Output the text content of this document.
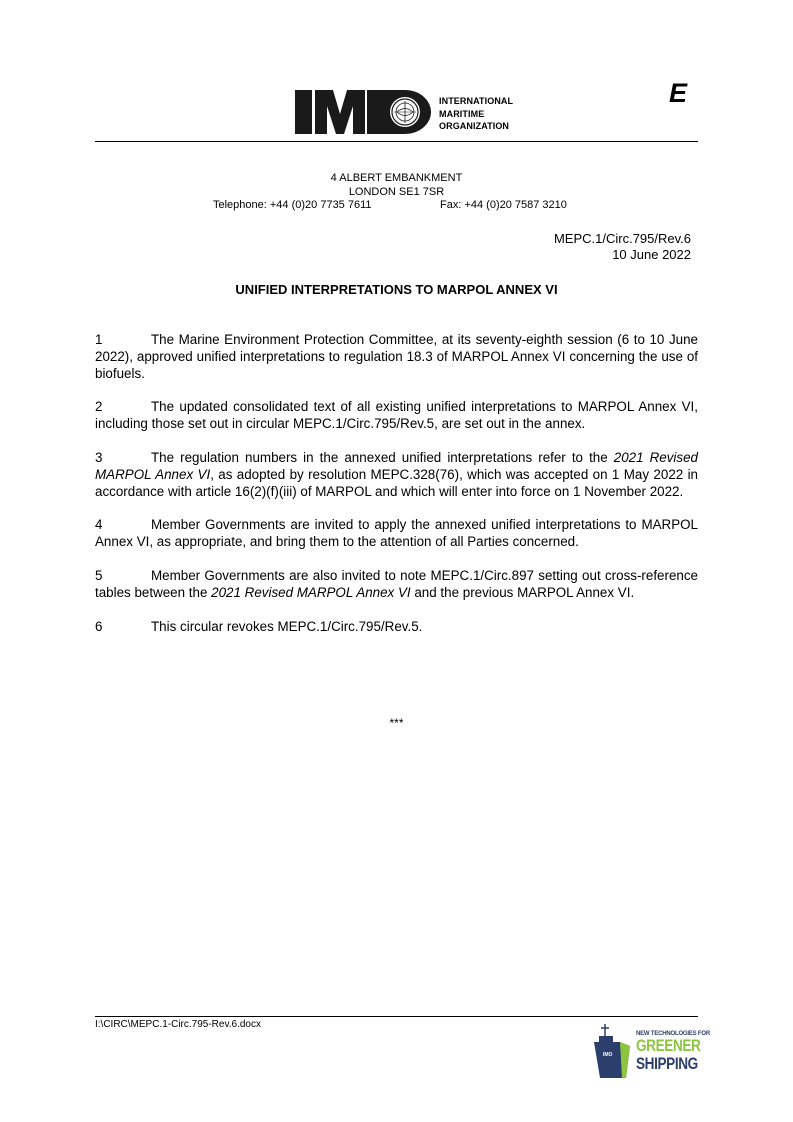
INTERNATIONAL
MARITIME
ORGANIZATION
E
4 ALBERT EMBANKMENT
LONDON SE1 7SR
Telephone: +44 (0)20 7735 7611	Fax: +44 (0)20 7587 3210
MEPC.1/Circ.795/Rev.6
10 June 2022
UNIFIED INTERPRETATIONS TO MARPOL ANNEX VI

1	The Marine Environment Protection Committee, at its seventy-eighth session (6 to 10 June 2022), approved unified interpretations to regulation 18.3 of MARPOL Annex VI concerning the use of biofuels.

2	The updated consolidated text of all existing unified interpretations to MARPOL Annex VI, including those set out in circular MEPC.1/Circ.795/Rev.5, are set out in the annex.

3	The regulation numbers in the annexed unified interpretations refer to the 2021 Revised MARPOL Annex VI, as adopted by resolution MEPC.328(76), which was accepted on 1 May 2022 in accordance with article 16(2)(f)(iii) of MARPOL and which will enter into force on 1 November 2022.

4	Member Governments are invited to apply the annexed unified interpretations to MARPOL Annex VI, as appropriate, and bring them to the attention of all Parties concerned.

5	Member Governments are also invited to note MEPC.1/Circ.897 setting out cross-reference tables between the 2021 Revised MARPOL Annex VI and the previous MARPOL Annex VI.

6	This circular revokes MEPC.1/Circ.795/Rev.5.

***
I:\CIRC\MEPC.1-Circ.795-Rev.6.docx
IMO
NEW TECHNOLOGIES FOR
GREENER
SHIPPING
